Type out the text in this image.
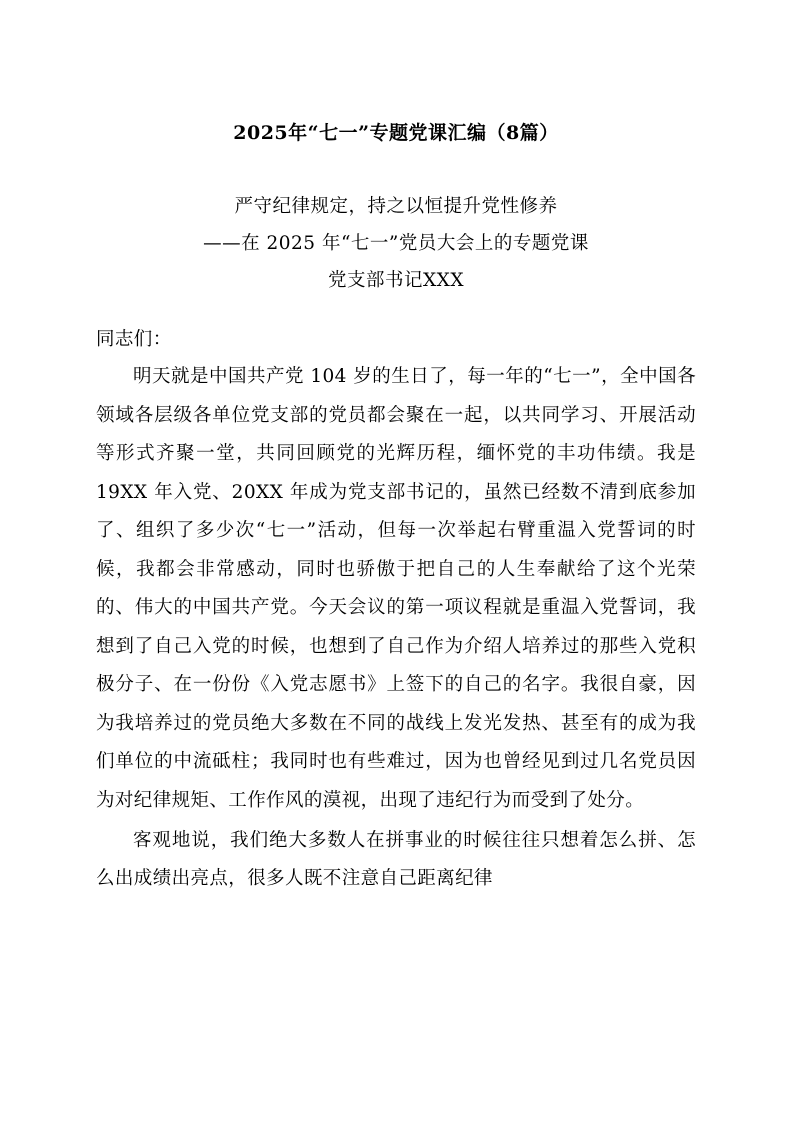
2025年“七一”专题党课汇编（8篇）
严守纪律规定，持之以恒提升党性修养
——在 2025 年“七一”党员大会上的专题党课
党支部书记XXX
同志们：

明天就是中国共产党 104 岁的生日了，每一年的“七一”，全中国各领域各层级各单位党支部的党员都会聚在一起，以共同学习、开展活动等形式齐聚一堂，共同回顾党的光辉历程，缅怀党的丰功伟绩。我是 19XX 年入党、20XX 年成为党支部书记的，虽然已经数不清到底参加了、组织了多少次“七一”活动，但每一次举起右臂重温入党誓词的时候，我都会非常感动，同时也骄傲于把自己的人生奉献给了这个光荣的、伟大的中国共产党。今天会议的第一项议程就是重温入党誓词，我想到了自己入党的时候，也想到了自己作为介绍人培养过的那些入党积极分子、在一份份《入党志愿书》上签下的自己的名字。我很自豪，因为我培养过的党员绝大多数在不同的战线上发光发热、甚至有的成为我们单位的中流砥柱；我同时也有些难过，因为也曾经见到过几名党员因为对纪律规矩、工作作风的漠视，出现了违纪行为而受到了处分。

客观地说，我们绝大多数人在拼事业的时候往往只想着怎么拼、怎么出成绩出亮点，很多人既不注意自己距离纪律
